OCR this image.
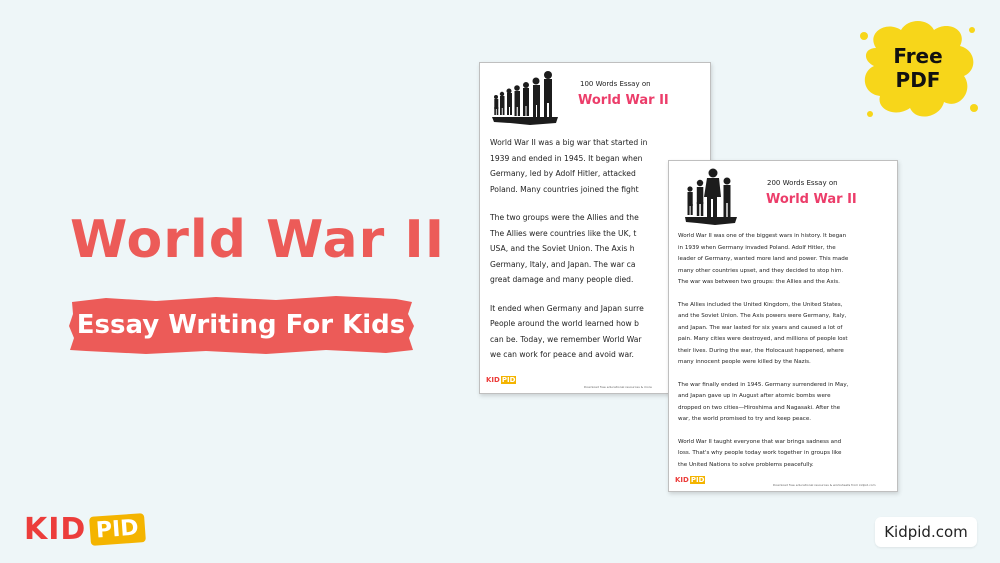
World War II
Essay Writing For Kids
Free
PDF
100 Words Essay on
World War II

World War II was a big war that started in
1939 and ended in 1945. It began when
Germany, led by Adolf Hitler, attacked
Poland. Many countries joined the fight

The two groups were the Allies and the
The Allies were countries like the UK, t
USA, and the Soviet Union. The Axis h
Germany, Italy, and Japan. The war ca
great damage and many people died.

It ended when Germany and Japan surre
People around the world learned how b
can be. Today, we remember World War
we can work for peace and avoid war.

KID PID
Download free educational resources & more
200 Words Essay on
World War II

World War II was one of the biggest wars in history. It began
in 1939 when Germany invaded Poland. Adolf Hitler, the
leader of Germany, wanted more land and power. This made
many other countries upset, and they decided to stop him.
The war was between two groups: the Allies and the Axis.

The Allies included the United Kingdom, the United States,
and the Soviet Union. The Axis powers were Germany, Italy,
and Japan. The war lasted for six years and caused a lot of
pain. Many cities were destroyed, and millions of people lost
their lives. During the war, the Holocaust happened, where
many innocent people were killed by the Nazis.

The war finally ended in 1945. Germany surrendered in May,
and Japan gave up in August after atomic bombs were
dropped on two cities—Hiroshima and Nagasaki. After the
war, the world promised to try and keep peace.

World War II taught everyone that war brings sadness and
loss. That's why people today work together in groups like
the United Nations to solve problems peacefully.

KID PID
Download free educational resources & worksheets from kidpid.com
KID PID	Kidpid.com
